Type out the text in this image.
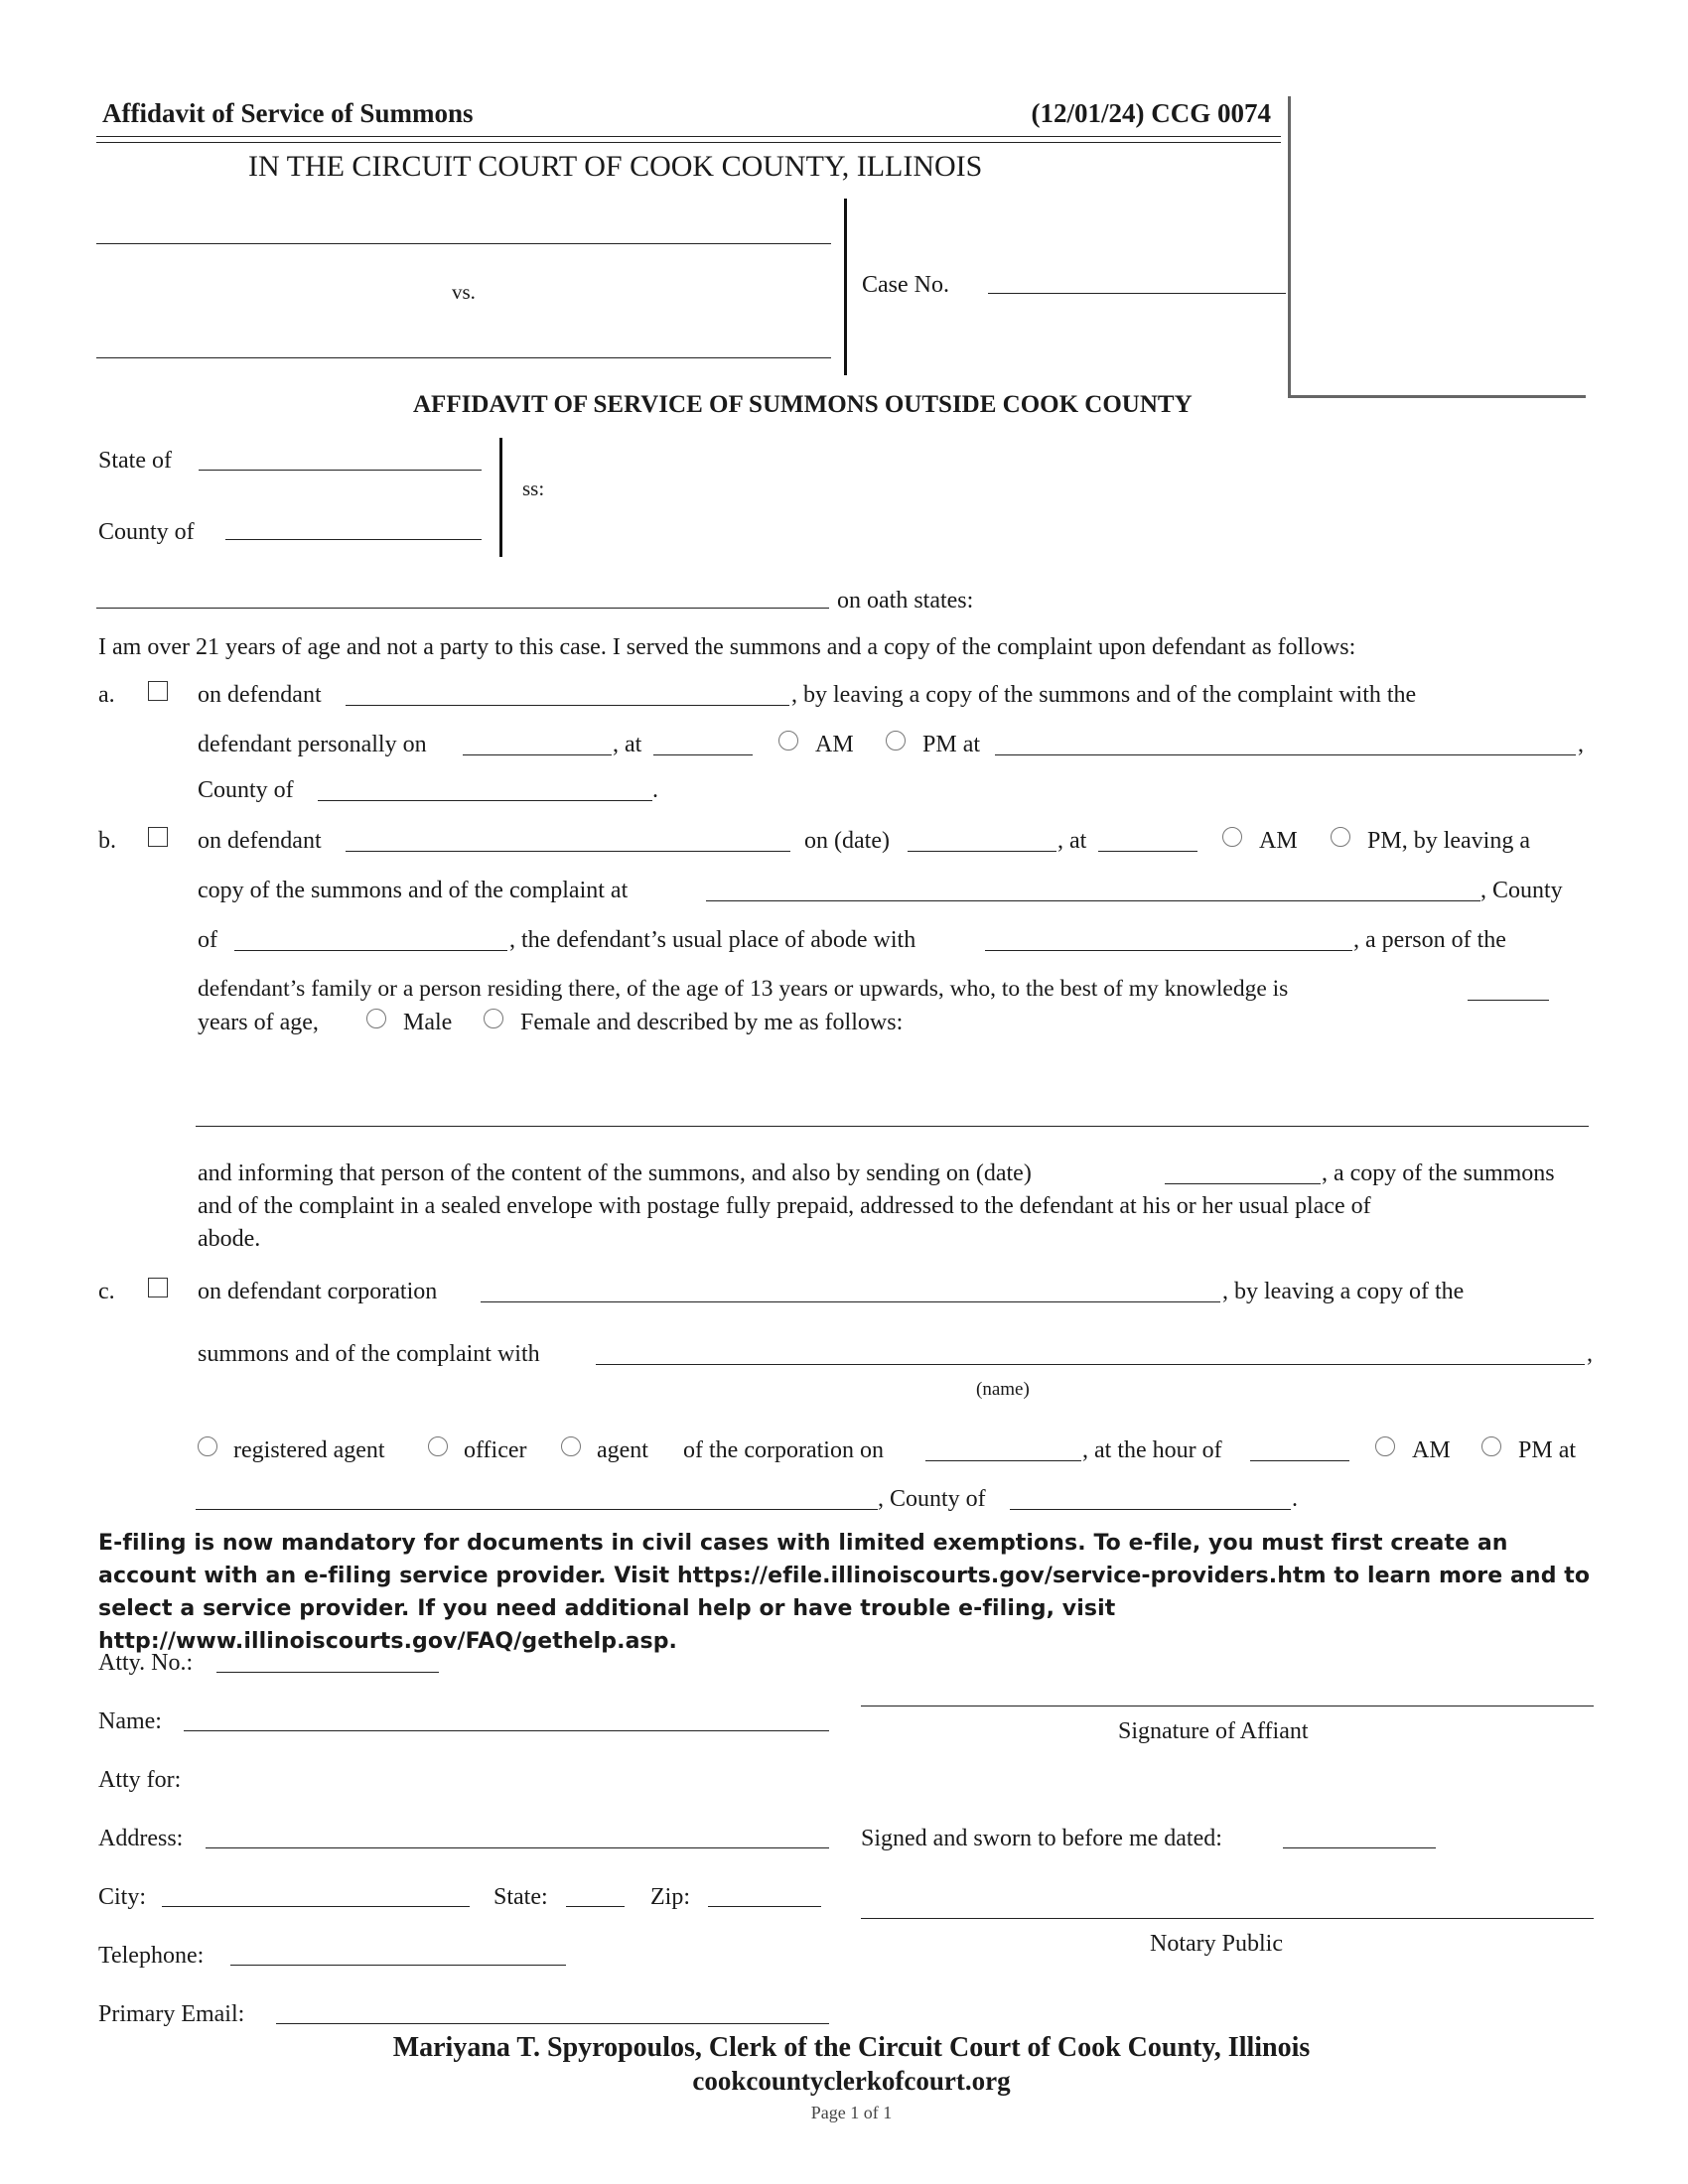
Affidavit of Service of Summons	(12/01/24) CCG 0074
IN THE CIRCUIT COURT OF COOK COUNTY, ILLINOIS
vs.	Case No.
AFFIDAVIT OF SERVICE OF SUMMONS OUTSIDE COOK COUNTY
State of
County of
ss:
on oath states:
I am over 21 years of age and not a party to this case. I served the summons and a copy of the complaint upon defendant as follows:
a.	on defendant	, by leaving a copy of the summons and of the complaint with the
defendant personally on	, at	AM	PM at	,
County of	.
b.	on defendant	on (date)	, at	AM	PM, by leaving a
copy of the summons and of the complaint at	, County
of	, the defendant’s usual place of abode with	, a person of the
defendant’s family or a person residing there, of the age of 13 years or upwards, who, to the best of my knowledge is
years of age,	Male	Female and described by me as follows:
and informing that person of the content of the summons, and also by sending on (date)	, a copy of the summons
and of the complaint in a sealed envelope with postage fully prepaid, addressed to the defendant at his or her usual place of
abode.
c.	on defendant corporation	, by leaving a copy of the
summons and of the complaint with	,
(name)
registered agent	officer	agent of the corporation on	, at the hour of	AM	PM at
, County of	.
E-filing is now mandatory for documents in civil cases with limited exemptions. To e-file, you must first create an account with an e-filing service provider. Visit https://efile.illinoiscourts.gov/service-providers.htm to learn more and to select a service provider. If you need additional help or have trouble e-filing, visit http://www.illinoiscourts.gov/FAQ/gethelp.asp.
Atty. No.:
Name:
Atty for:
Address:
City:	State:	Zip:
Telephone:
Primary Email:
Signature of Affiant
Signed and sworn to before me dated:
Notary Public
Mariyana T. Spyropoulos, Clerk of the Circuit Court of Cook County, Illinois
cookcountyclerkofcourt.org
Page 1 of 1
